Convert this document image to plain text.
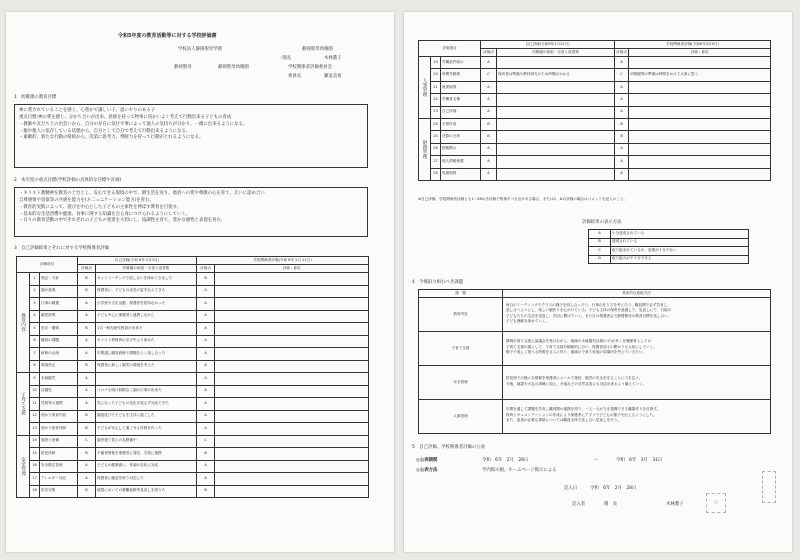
令和5年度の教育活動等に対する学校評価書
学校法人静岡聖母学園	静岡聖母幼稚園
・園長	木林薫子
静岡聖母	静岡聖母幼稚園	学校関係者評価委員会
委員長	藤浪美希
1　幼稚園の教育目標
神に愛されていることを感じ、心豊かで謙しい子、思いやりのある子
重点目標:神の愛を感じ、分かち合いが出来、意欲を持って物事に向かいよく考えて行動出来る子どもの育成
・教師や友だちとの出会いから、自分の存在に気付ず事によって他人の気持ちが分かり、一緒に出来るようになる。
・親や他人に依存している状態から、自分として自分で考えて行動出来るようになる。
・素敵的、新たな行動の帰結から、次第に思考力、判断力を持って行動がとれるようになる。
2　本年度の重点目標(学校評価の具体的な目標や計画)
・キリスト教精神を教育の土台とし、安心できる環境の中で、園生活を送り、他者への愛や尊敬の心を育て、互いに認め合い
自尊感情や思欲等の共感を能力を(ネ二ュニケーション能力)を育む。
・教育的実践によって、遊びを中心とした子どもの主体性を伸ばす教育を目指す。
・基本的な生活習慣や健康、食事に関する知識を自ら身につけられるようにしていく。
・日々の教育活動の中でそれぞれの子どもの発達を大切にし、協調性を育て、豊かな感性と表現を育む。
3　自己評価結果とそれに対する学校関係者評価
評価項目			自己評価(令和 6年 2月1日)		学校関係者評価(令和 6年 2月 21日)	
			評価点	幼稚園の取組・反省と改善策	評価点	評価・意見
教育内容	1	理念・方針	B	キャトリーチングで話し合いを深めてきました	B	
	2	園の意義	B	保護者に、子どもの成長の姿を伝えてきた	A	
	3	行事の精選	A	小学校や文化活動、保護者を招待なかった	A	
	4	園児指導	A	子ども中心に保護者と連携しながら	A	
	5	危浮・徹戦	B	1名一般先研究教員が出来た	A	
	6	職員の課題	A	キリスト教保育の学び中より深めた	A	
	7	研修の企画	A	年間通し職員研修で課題をよく話し合った	A	
	8	環境設定	B	保護者に新しく園児の環境を考えた	A	
子育て支援	9	未就園児	A		A	
	10	在園児	A	コロナも明け制限なく園の行事が出来た	A	
	11	児相等の連携	A	気になった子どもの変化を逃さず対応できた	A	
	12	預かり保育内容	B	園庭遊びで子どもを主体に過ごした	A	
	13	預かり保育体制	B	子どもが安心して過ごせる体制を作った	A	
安全管理	14	施設と設備	C	園舎建て替えの為整備中	C	
	15	防犯体制	B	不審者情報を保護者に発信、学校に連携	B	
	16	安全衛生管理	A	子どもの健康面に、体調の変化に対応	A	
	17	アレルギー対応	A	保護者に確認を取り対応した	A	
	18	防災対策	B	地震においての避難経路等見直しを図りた	B	
評価項目			自己評価(令和6年2月21日)		学校関係者評価(令和6年3月5日)	
			評価点	幼稚園の取組・反省と改善策	評価点	評価・意見
人事管理	19	労働条件明示	A		A	
	20	時間外勤務	C	保育者は準備や教材研究のため時間がかかる	C	幼稚園等の準備は時間をかけて大事に思う
	21	就業規則	A		A	
	22	労働者名簿	A		A	
	23	自己評価	A		A	
財務管理	24	予算作成	B		B	
	25	決算の分析	B		B	
	26	情報開示	A		A	
	27	個人情報保護	A		A	
	28	処理規程	A		A	
※自己評価、学校関係者評価とも1～28の各評価で物事すべき点がある場合、またはC、Dの評価の場合はコメントを記入のこと。
評価結果の表示方法
A	十分達成されている
B	達成されている
C	取り組まれているが、成果が十分でない
D	取り組みが不十分である
4　今後取り組むべき課題
課　題	具体的な取組方法
教育内容	毎日のミーティングでクラスの様子を話し合ったり、行事の在り方を考えたり、職員間で必ず共有し、
話し合うようにし、楽しい園作りを心がけている。子ども主体の保育を意識して、見直しにて、日頃の
子どもたちの生活を見直し、次回に繋げていく。また日の保護者会で静岡聖母の教育目標を話し合い、
子ども理解を深めていく。

子育て支援	静岡市預り支援人協議会を受けながら、地域の未就園児(2歳の子)が多く在籍保育としての
子育て支援の場として、子育て支援を積極的に行い、保護者同士の繋がりも大切にしていく。
親子で楽しく遊べる時間をさらに作り、地域の子育て家庭の居場所を考えていきたい。

安全管理	防犯面での様々な情報を保護者にメールで発信、園児の安全を守ることに力を注ぐ。
今後、地震や火災の訓練に加え、台風などの自然災害にも対応出来るよう備えていく。

人事管理	年間を通して課題を共有し職員間の連携を図り、一人一人が力を発揮できる職場作りを目指す。
保育ドキュメンテーションの作成により保護者にアプリで子どもの様子を伝えるようにした。
また、改善が必要な事項については職員全体で話し合い見直しを行う。
5　自己評価、学校関係者評価の公表
◎公表期間	令和　6年　2月　28日	～	令和　6年　3月　31日
◎公表方法	学内掲示板、ホームページ掲示による
記入日	令和　6年　2月　28日
記入者	園　長	木林薫子	印
